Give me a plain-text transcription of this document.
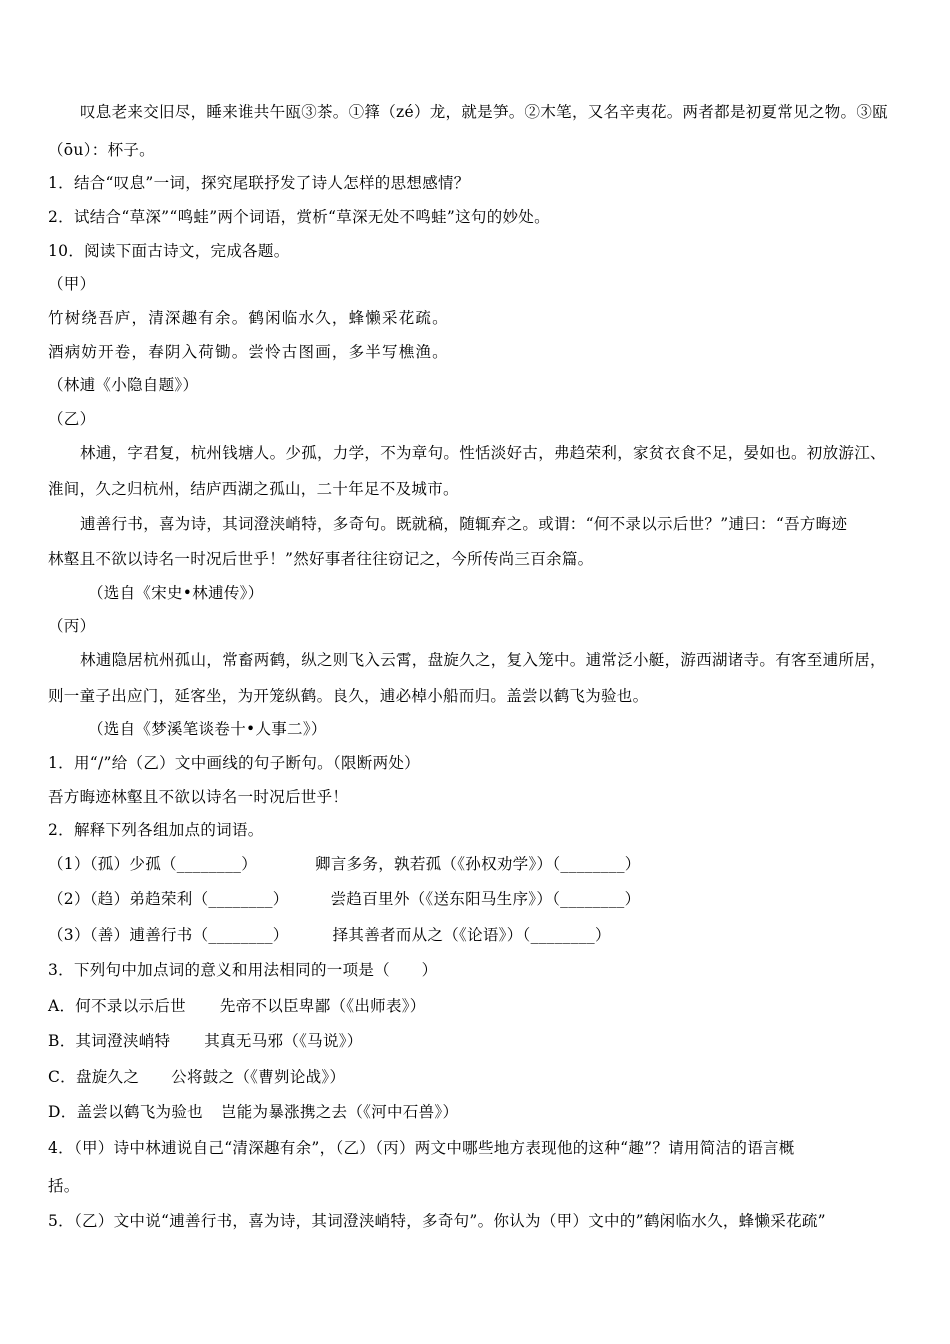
叹息老来交旧尽，睡来谁共午瓯③茶。①箨（zé）龙，就是笋。②木笔，又名辛夷花。两者都是初夏常见之物。③瓯
（ōu）：杯子。
1．结合“叹息”一词，探究尾联抒发了诗人怎样的思想感情？
2．试结合“草深”“鸣蛙”两个词语，赏析“草深无处不鸣蛙”这句的妙处。
10．阅读下面古诗文，完成各题。
（甲）
竹树绕吾庐，清深趣有余。鹤闲临水久，蜂懒采花疏。
酒病妨开卷，春阴入荷锄。尝怜古图画，多半写樵渔。
（林逋《小隐自题》）
（乙）
林逋，字君复，杭州钱塘人。少孤，力学，不为章句。性恬淡好古，弗趋荣利，家贫衣食不足，晏如也。初放游江、
淮间，久之归杭州，结庐西湖之孤山，二十年足不及城市。
逋善行书，喜为诗，其词澄浃峭特，多奇句。既就稿，随辄弃之。或谓：“何不录以示后世？”逋曰：“吾方晦迹
林壑且不欲以诗名一时况后世乎！”然好事者往往窃记之，今所传尚三百余篇。
（选自《宋史•林逋传》）
（丙）
林逋隐居杭州孤山，常畜两鹤，纵之则飞入云霄，盘旋久之，复入笼中。逋常泛小艇，游西湖诸寺。有客至逋所居，
则一童子出应门，延客坐，为开笼纵鹤。良久，逋必棹小船而归。盖尝以鹤飞为验也。
（选自《梦溪笔谈卷十•人事二》）
1．用“/”给（乙）文中画线的句子断句。（限断两处）
吾方晦迹林壑且不欲以诗名一时况后世乎！
2．解释下列各组加点的词语。
（1）（孤）少孤（________）	卿言多务，孰若孤（《孙权劝学》）（________）
（2）（趋）弟趋荣利（________）	尝趋百里外（《送东阳马生序》）（________）
（3）（善）逋善行书（________）	择其善者而从之（《论语》）（________）
3．下列句中加点词的意义和用法相同的一项是（　　）
A．何不录以示后世 先帝不以臣卑鄙（《出师表》）
B．其词澄浃峭特 其真无马邪（《马说》）
C．盘旋久之 公将鼓之（《曹刿论战》）
D．盖尝以鹤飞为验也 岂能为暴涨携之去（《河中石兽》）
4．（甲）诗中林逋说自己“清深趣有余”，（乙）（丙）两文中哪些地方表现他的这种“趣”？请用简洁的语言概
括。
5．（乙）文中说“逋善行书，喜为诗，其词澄浃峭特，多奇句”。你认为（甲）文中的”鹤闲临水久，蜂懒采花疏”
